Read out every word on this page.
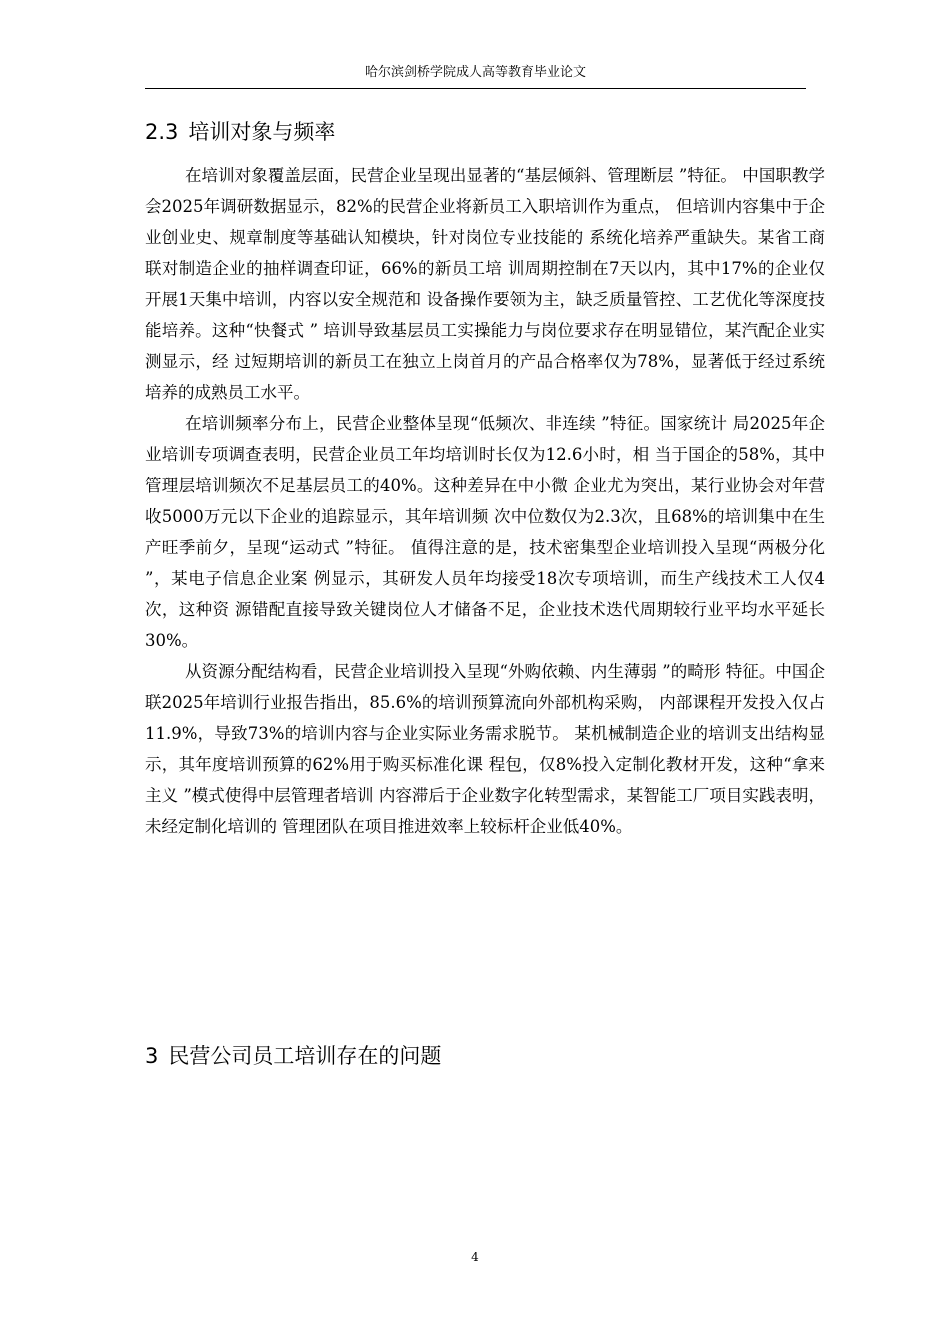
哈尔滨剑桥学院成人高等教育毕业论文
2.3 培训对象与频率

在培训对象覆盖层面，民营企业呈现出显著的“基层倾斜、管理断层 ”特征。 中国职教学会2025年调研数据显示，82%的民营企业将新员工入职培训作为重点， 但培训内容集中于企业创业史、规章制度等基础认知模块，针对岗位专业技能的 系统化培养严重缺失。某省工商联对制造企业的抽样调查印证，66%的新员工培 训周期控制在7天以内，其中17%的企业仅开展1天集中培训，内容以安全规范和 设备操作要领为主，缺乏质量管控、工艺优化等深度技能培养。这种“快餐式 ” 培训导致基层员工实操能力与岗位要求存在明显错位，某汽配企业实测显示，经 过短期培训的新员工在独立上岗首月的产品合格率仅为78%，显著低于经过系统 培养的成熟员工水平。

在培训频率分布上，民营企业整体呈现“低频次、非连续 ”特征。国家统计 局2025年企业培训专项调查表明，民营企业员工年均培训时长仅为12.6小时，相 当于国企的58%，其中管理层培训频次不足基层员工的40%。这种差异在中小微 企业尤为突出，某行业协会对年营收5000万元以下企业的追踪显示，其年培训频 次中位数仅为2.3次，且68%的培训集中在生产旺季前夕，呈现“运动式 ”特征。 值得注意的是，技术密集型企业培训投入呈现“两极分化 ”，某电子信息企业案 例显示，其研发人员年均接受18次专项培训，而生产线技术工人仅4次，这种资 源错配直接导致关键岗位人才储备不足，企业技术迭代周期较行业平均水平延长 30%。

从资源分配结构看，民营企业培训投入呈现“外购依赖、内生薄弱 ”的畸形 特征。中国企联2025年培训行业报告指出，85.6%的培训预算流向外部机构采购， 内部课程开发投入仅占11.9%，导致73%的培训内容与企业实际业务需求脱节。 某机械制造企业的培训支出结构显示，其年度培训预算的62%用于购买标准化课 程包，仅8%投入定制化教材开发，这种“拿来主义 ”模式使得中层管理者培训 内容滞后于企业数字化转型需求，某智能工厂项目实践表明，未经定制化培训的 管理团队在项目推进效率上较标杆企业低40%。

3 民营公司员工培训存在的问题
4
